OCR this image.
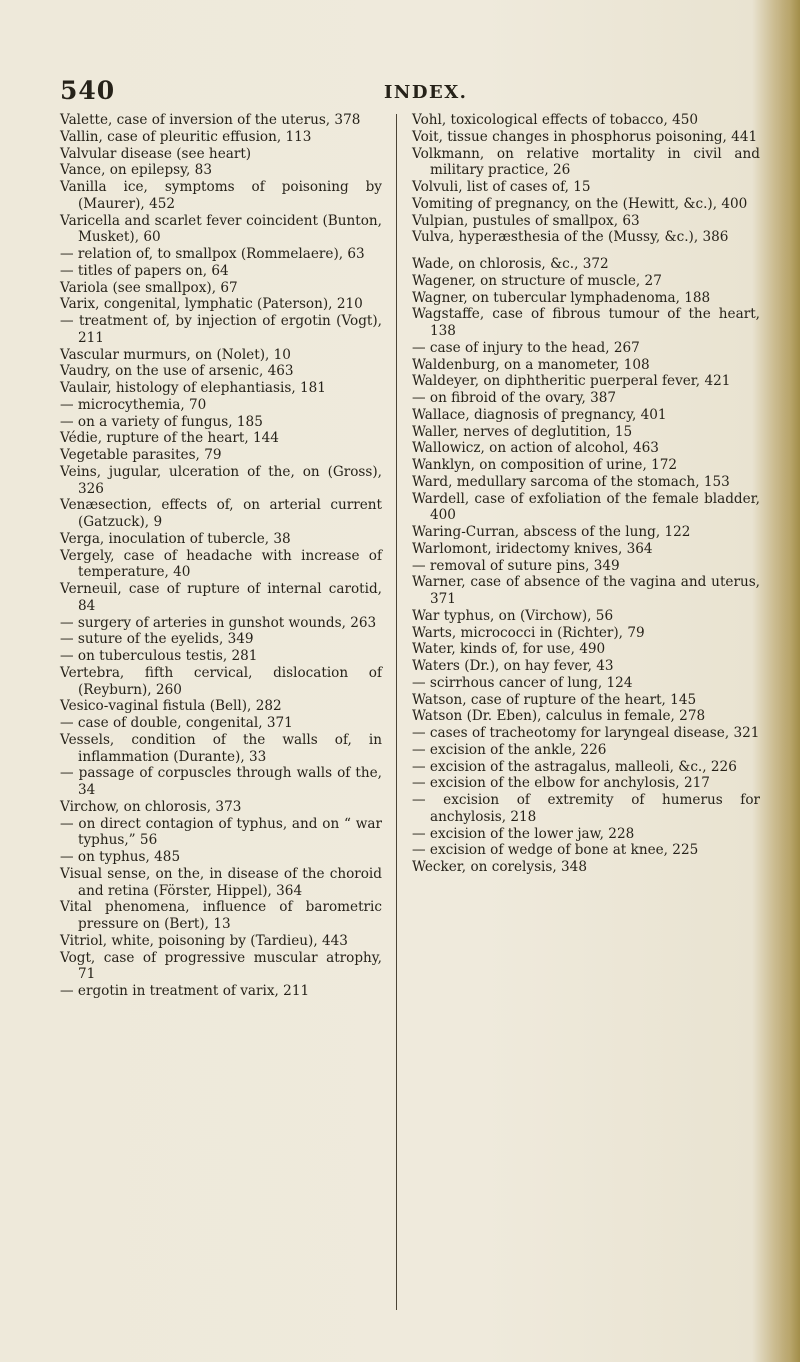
540	INDEX.

Valette, case of inversion of the uterus, 378

Vallin, case of pleuritic effusion, 113

Valvular disease (see heart)

Vance, on epilepsy, 83

Vanilla ice, symptoms of poisoning by (Maurer), 452

Varicella and scarlet fever coincident (Bunton, Musket), 60

— relation of, to smallpox (Rommelaere), 63

— titles of papers on, 64

Variola (see smallpox), 67

Varix, congenital, lymphatic (Paterson), 210

— treatment of, by injection of ergotin (Vogt), 211

Vascular murmurs, on (Nolet), 10

Vaudry, on the use of arsenic, 463

Vaulair, histology of elephantiasis, 181

— microcythemia, 70

— on a variety of fungus, 185

Védie, rupture of the heart, 144

Vegetable parasites, 79

Veins, jugular, ulceration of the, on (Gross), 326

Venæsection, effects of, on arterial current (Gatzuck), 9

Verga, inoculation of tubercle, 38

Vergely, case of headache with increase of temperature, 40

Verneuil, case of rupture of internal carotid, 84

— surgery of arteries in gunshot wounds, 263

— suture of the eyelids, 349

— on tuberculous testis, 281

Vertebra, fifth cervical, dislocation of (Reyburn), 260

Vesico-vaginal fistula (Bell), 282

— case of double, congenital, 371

Vessels, condition of the walls of, in inflammation (Durante), 33

— passage of corpuscles through walls of the, 34

Virchow, on chlorosis, 373

— on direct contagion of typhus, and on “ war typhus,” 56

— on typhus, 485

Visual sense, on the, in disease of the choroid and retina (Förster, Hippel), 364

Vital phenomena, influence of barometric pressure on (Bert), 13

Vitriol, white, poisoning by (Tardieu), 443

Vogt, case of progressive muscular atrophy, 71

— ergotin in treatment of varix, 211

Vohl, toxicological effects of tobacco, 450

Voit, tissue changes in phosphorus poisoning, 441

Volkmann, on relative mortality in civil and military practice, 26

Volvuli, list of cases of, 15

Vomiting of pregnancy, on the (Hewitt, &c.), 400

Vulpian, pustules of smallpox, 63

Vulva, hyperæsthesia of the (Mussy, &c.), 386

Wade, on chlorosis, &c., 372

Wagener, on structure of muscle, 27

Wagner, on tubercular lymphadenoma, 188

Wagstaffe, case of fibrous tumour of the heart, 138

— case of injury to the head, 267

Waldenburg, on a manometer, 108

Waldeyer, on diphtheritic puerperal fever, 421

— on fibroid of the ovary, 387

Wallace, diagnosis of pregnancy, 401

Waller, nerves of deglutition, 15

Wallowicz, on action of alcohol, 463

Wanklyn, on composition of urine, 172

Ward, medullary sarcoma of the stomach, 153

Wardell, case of exfoliation of the female bladder, 400

Waring-Curran, abscess of the lung, 122

Warlomont, iridectomy knives, 364

— removal of suture pins, 349

Warner, case of absence of the vagina and uterus, 371

War typhus, on (Virchow), 56

Warts, micrococci in (Richter), 79

Water, kinds of, for use, 490

Waters (Dr.), on hay fever, 43

— scirrhous cancer of lung, 124

Watson, case of rupture of the heart, 145

Watson (Dr. Eben), calculus in female, 278

— cases of tracheotomy for laryngeal disease, 321

— excision of the ankle, 226

— excision of the astragalus, malleoli, &c., 226

— excision of the elbow for anchylosis, 217

— excision of extremity of humerus for anchylosis, 218

— excision of the lower jaw, 228

— excision of wedge of bone at knee, 225

Wecker, on corelysis, 348
